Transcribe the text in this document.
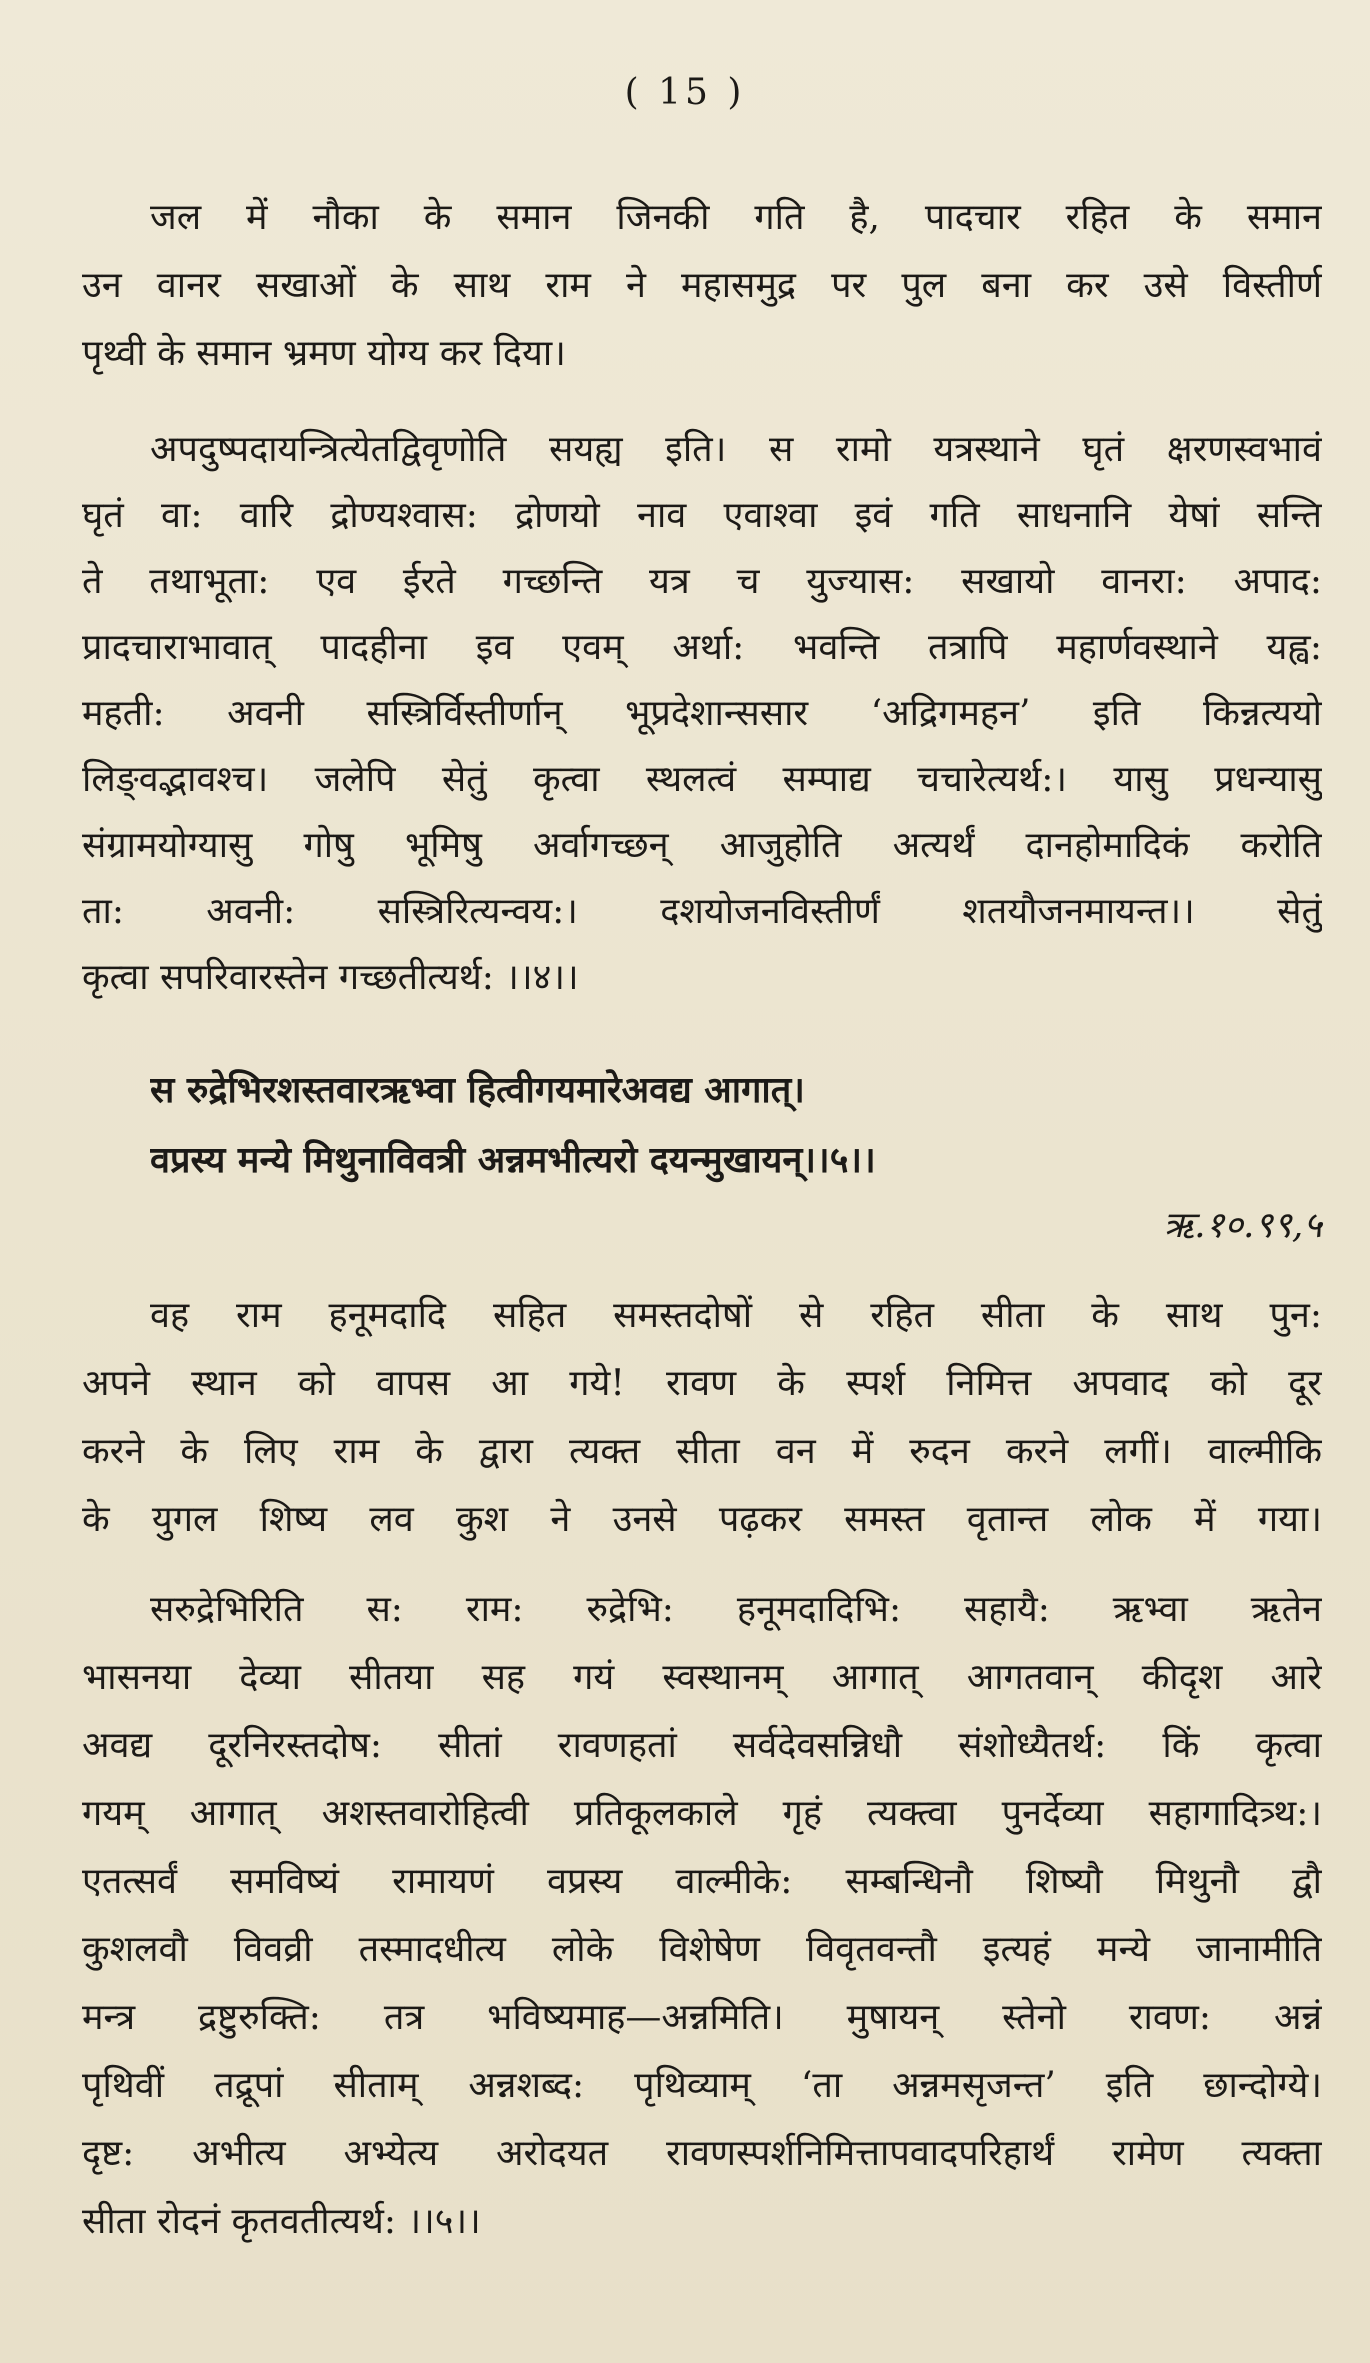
( 15 )
जल में नौका के समान जिनकी गति है, पादचार रहित के समान
उन वानर सखाओं के साथ राम ने महासमुद्र पर पुल बना कर उसे विस्तीर्ण
पृथ्वी के समान भ्रमण योग्य कर दिया।
अपदुष्पदायन्त्रित्येतद्विवृणोति सयह्य इति। स रामो यत्रस्थाने घृतं क्षरणस्वभावं
घृतं वा: वारि द्रोण्यश्वास: द्रोणयो नाव एवाश्वा इवं गति साधनानि येषां सन्ति
ते तथाभूता: एव ईरते गच्छन्ति यत्र च युज्यास: सखायो वानरा: अपाद:
प्रादचाराभावात् पादहीना इव एवम् अर्था: भवन्ति तत्रापि महार्णवस्थाने यह्व:
महती: अवनी सस्त्रिर्विस्तीर्णान् भूप्रदेशान्ससार ‘अद्रिगमहन’ इति किन्नत्ययो
लिङ्वद्भावश्च। जलेपि सेतुं कृत्वा स्थलत्वं सम्पाद्य चचारेत्यर्थ:। यासु प्रधन्यासु
संग्रामयोग्यासु गोषु भूमिषु अर्वागच्छन् आजुहोति अत्यर्थं दानहोमादिकं करोति
ता: अवनी: सस्त्रिरित्यन्वय:। दशयोजनविस्तीर्णं शतयौजनमायन्त।। सेतुं
कृत्वा सपरिवारस्तेन गच्छतीत्यर्थ: ।।४।।
स रुद्रेभिरशस्तवारऋभ्वा हित्वीगयमारेअवद्य आगात्।
वप्रस्य मन्ये मिथुनाविवत्री अन्नमभीत्यरो दयन्मुखायन्।।५।।
ऋ.१०.९९,५
वह राम हनूमदादि सहित समस्तदोषों से रहित सीता के साथ पुन:
अपने स्थान को वापस आ गये! रावण के स्पर्श निमित्त अपवाद को दूर
करने के लिए राम के द्वारा त्यक्त सीता वन में रुदन करने लगीं। वाल्मीकि
के युगल शिष्य लव कुश ने उनसे पढ़कर समस्त वृतान्त लोक में गया।
सरुद्रेभिरिति स: राम: रुद्रेभि: हनूमदादिभि: सहायै: ऋभ्वा ऋतेन
भासनया देव्या सीतया सह गयं स्वस्थानम् आगात् आगतवान् कीदृश आरे
अवद्य दूरनिरस्तदोष: सीतां रावणहतां सर्वदेवसन्निधौ संशोध्यैतर्थ: किं कृत्वा
गयम् आगात् अशस्तवारोहित्वी प्रतिकूलकाले गृहं त्यक्त्वा पुनर्देव्या सहागादित्र्थ:।
एतत्सर्वं समविष्यं रामायणं वप्रस्य वाल्मीके: सम्बन्धिनौ शिष्यौ मिथुनौ द्वौ
कुशलवौ विवव्री तस्मादधीत्य लोके विशेषेण विवृतवन्तौ इत्यहं मन्ये जानामीति
मन्त्र द्रष्टुरुक्ति: तत्र भविष्यमाह—अन्नमिति। मुषायन् स्तेनो रावण: अन्नं
पृथिवीं तद्रूपां सीताम् अन्नशब्द: पृथिव्याम् ‘ता अन्नमसृजन्त’ इति छान्दोग्ये।
दृष्ट: अभीत्य अभ्येत्य अरोदयत रावणस्पर्शनिमित्तापवादपरिहार्थं रामेण त्यक्ता
सीता रोदनं कृतवतीत्यर्थ: ।।५।।
